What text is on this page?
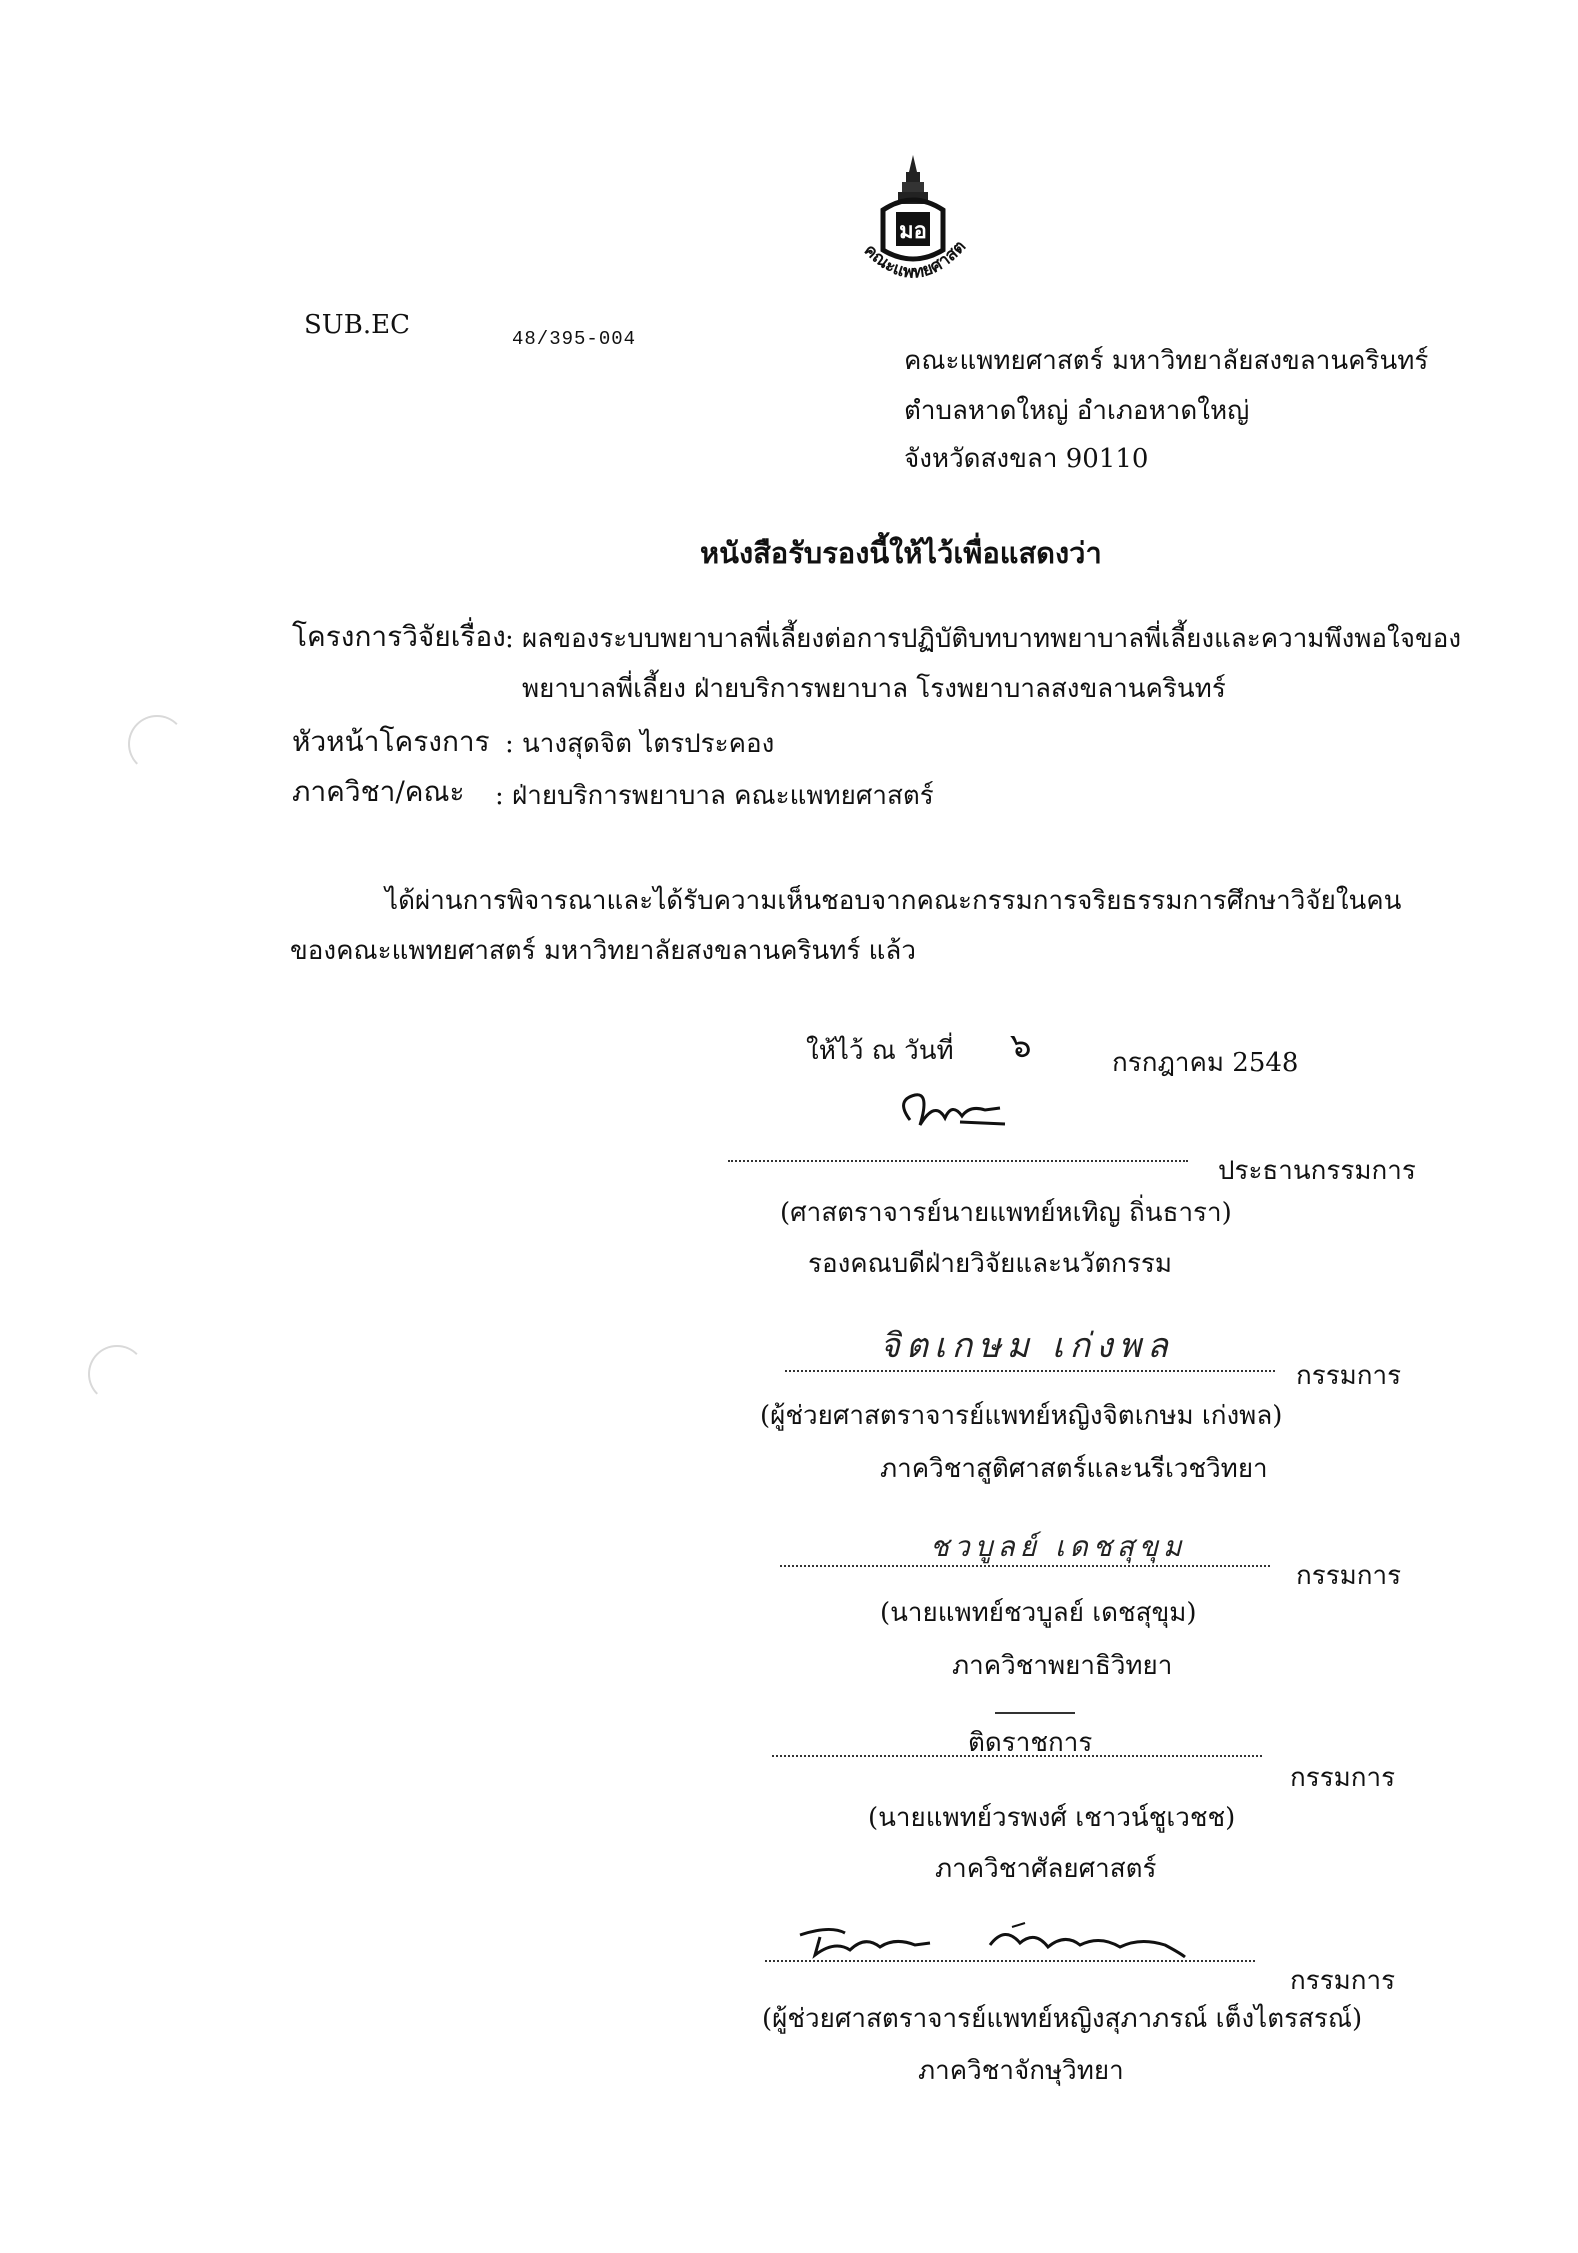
มอ
คณะแพทยศาสตร์
SUB.EC	48/395-004
คณะแพทยศาสตร์ มหาวิทยาลัยสงขลานครินทร์
ตำบลหาดใหญ่ อำเภอหาดใหญ่
จังหวัดสงขลา 90110
หนังสือรับรองนี้ให้ไว้เพื่อแสดงว่า
โครงการวิจัยเรื่อง : ผลของระบบพยาบาลพี่เลี้ยงต่อการปฏิบัติบทบาทพยาบาลพี่เลี้ยงและความพึงพอใจของ
พยาบาลพี่เลี้ยง ฝ่ายบริการพยาบาล โรงพยาบาลสงขลานครินทร์
หัวหน้าโครงการ : นางสุดจิต ไตรประคอง
ภาควิชา/คณะ : ฝ่ายบริการพยาบาล คณะแพทยศาสตร์
ได้ผ่านการพิจารณาและได้รับความเห็นชอบจากคณะกรรมการจริยธรรมการศึกษาวิจัยในคน
ของคณะแพทยศาสตร์ มหาวิทยาลัยสงขลานครินทร์ แล้ว
ให้ไว้ ณ วันที่ ๖	กรกฎาคม 2548
ประธานกรรมการ
(ศาสตราจารย์นายแพทย์หเทิญ ถิ่นธารา)
รองคณบดีฝ่ายวิจัยและนวัตกรรม
จิตเกษม เก่งพล
กรรมการ
(ผู้ช่วยศาสตราจารย์แพทย์หญิงจิตเกษม เก่งพล)
ภาควิชาสูติศาสตร์และนรีเวชวิทยา
ชวบูลย์ เดชสุขุม
กรรมการ
(นายแพทย์ชวบูลย์ เดชสุขุม)
ภาควิชาพยาธิวิทยา
ติดราชการ
กรรมการ
(นายแพทย์วรพงศ์ เชาวน์ชูเวชช)
ภาควิชาศัลยศาสตร์
กรรมการ
(ผู้ช่วยศาสตราจารย์แพทย์หญิงสุภาภรณ์ เต็งไตรสรณ์)
ภาควิชาจักษุวิทยา
